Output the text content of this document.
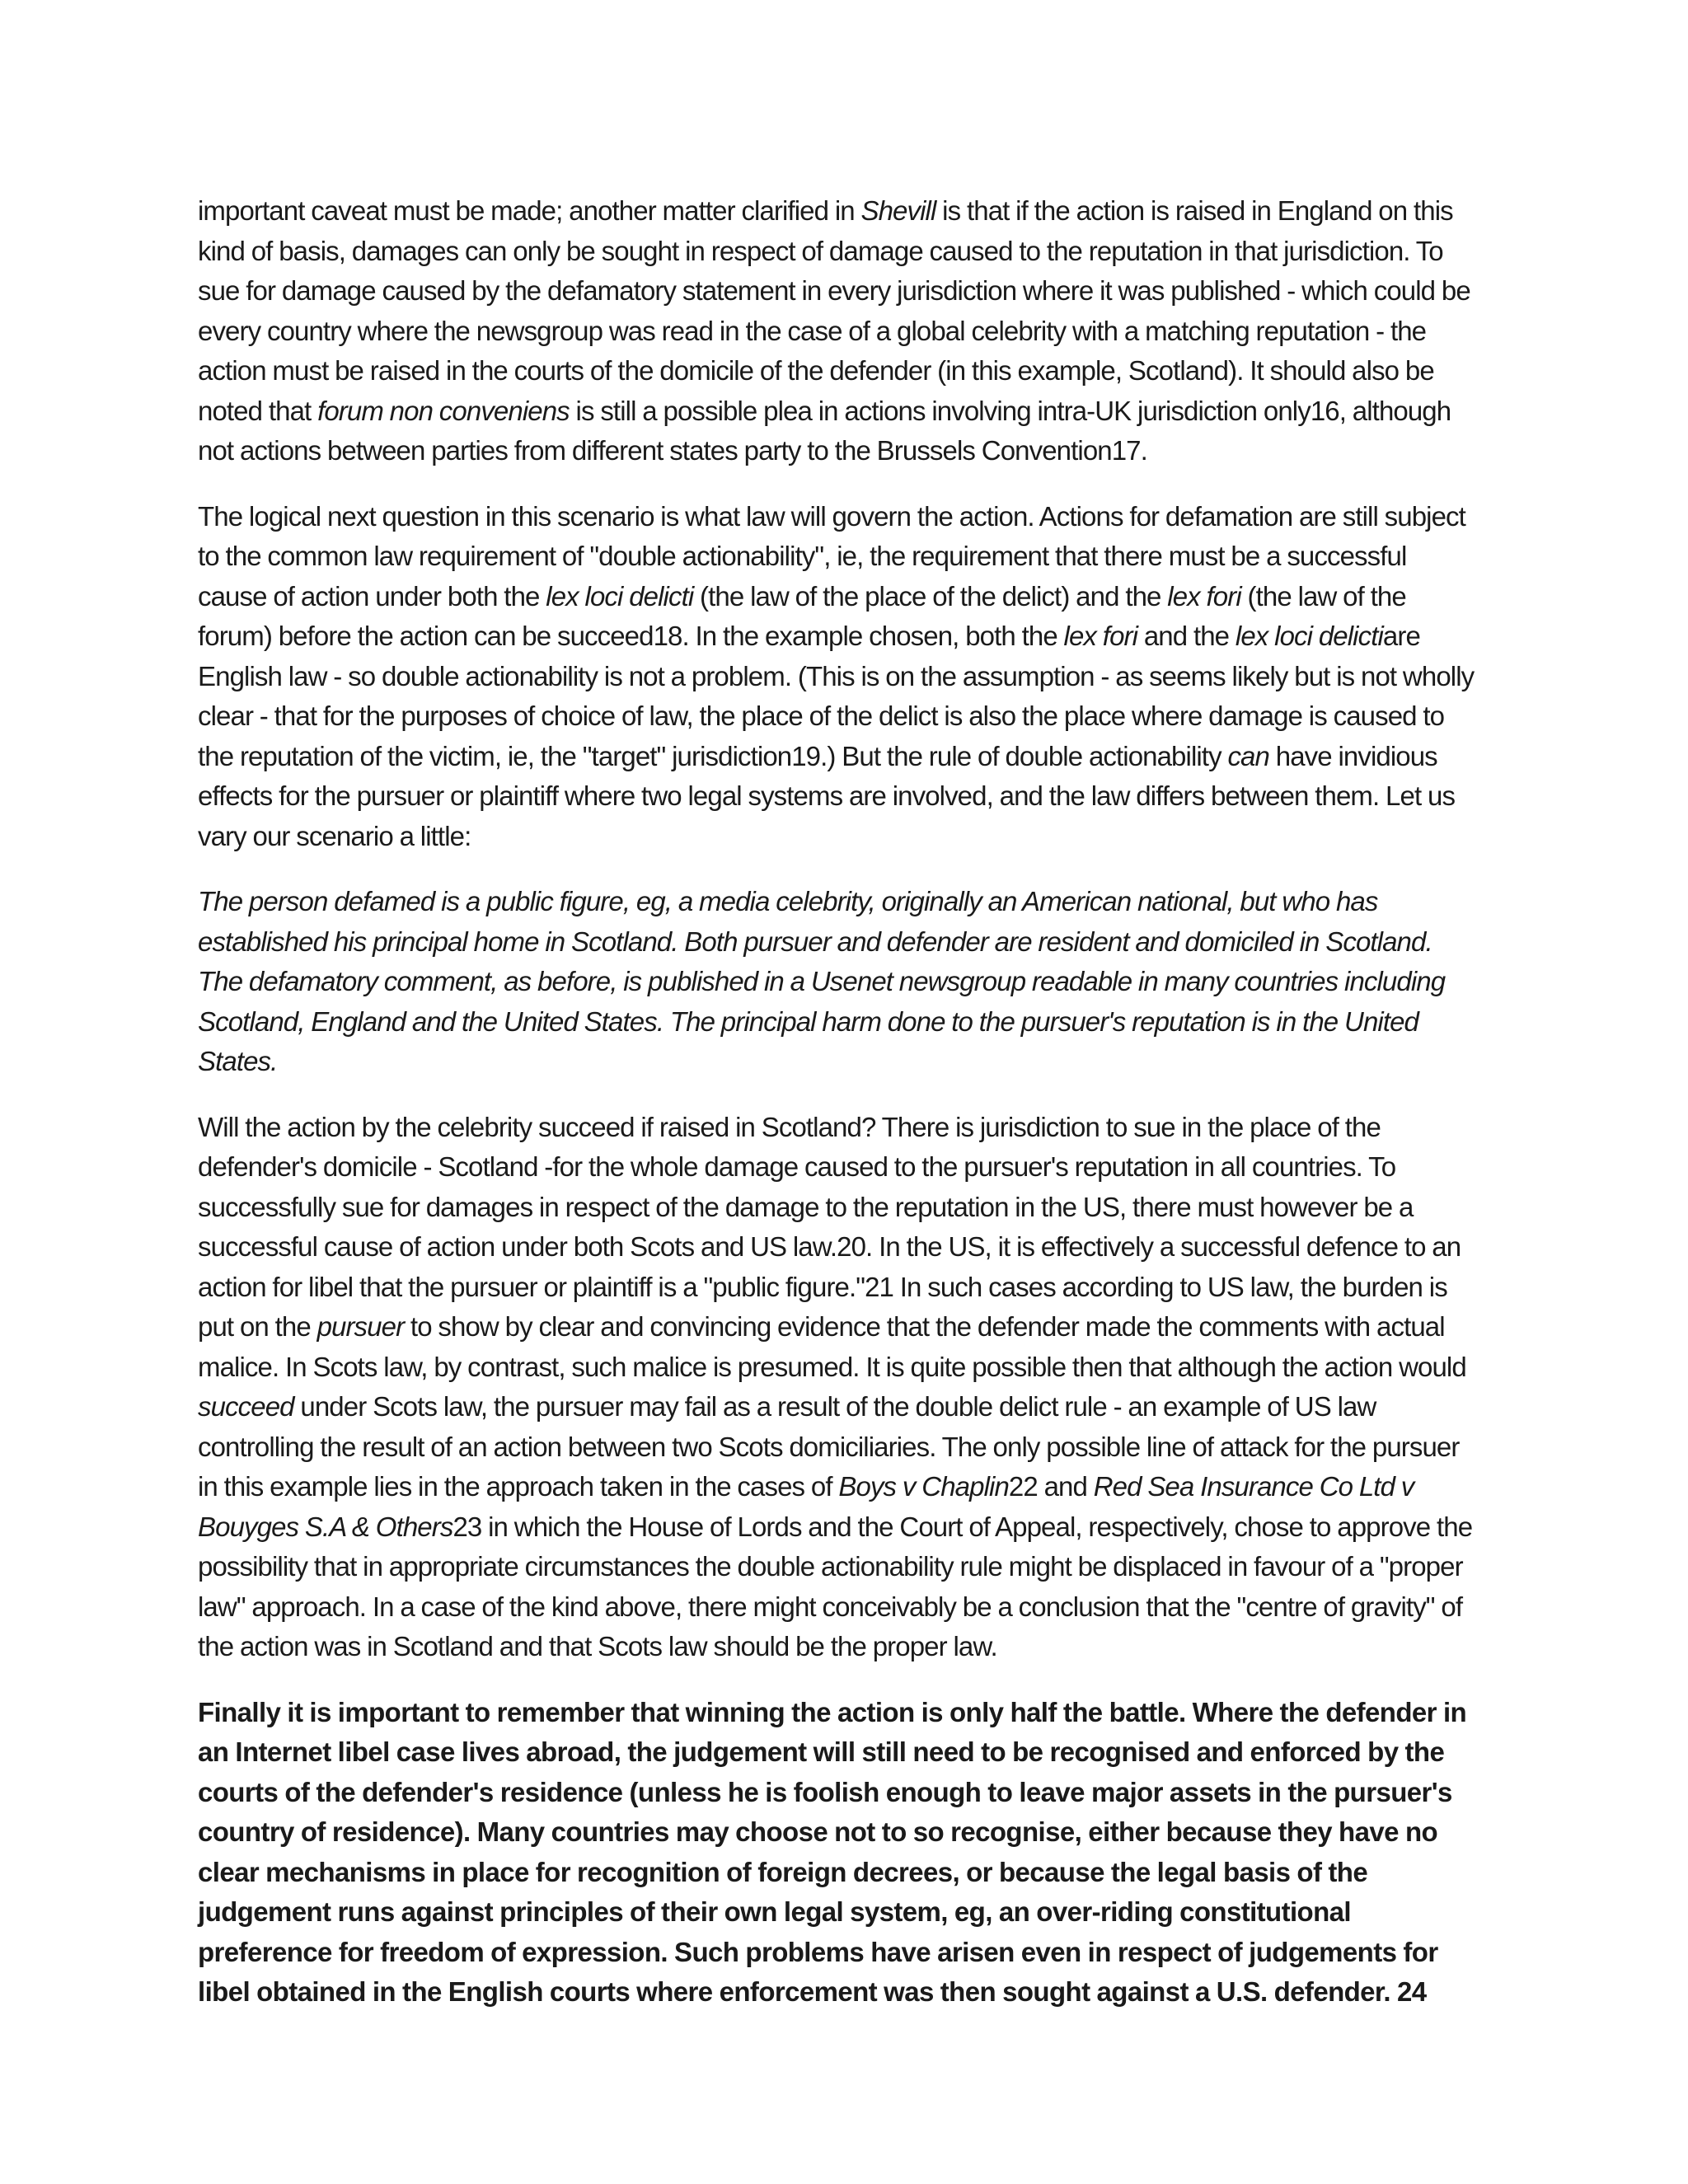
important caveat must be made; another matter clarified in Shevill is that if the action is raised in England on this kind of basis, damages can only be sought in respect of damage caused to the reputation in that jurisdiction. To sue for damage caused by the defamatory statement in every jurisdiction where it was published - which could be every country where the newsgroup was read in the case of a global celebrity with a matching reputation - the action must be raised in the courts of the domicile of the defender (in this example, Scotland). It should also be noted that forum non conveniens is still a possible plea in actions involving intra-UK jurisdiction only16, although not actions between parties from different states party to the Brussels Convention17.

The logical next question in this scenario is what law will govern the action. Actions for defamation are still subject to the common law requirement of "double actionability", ie, the requirement that there must be a successful cause of action under both the lex loci delicti (the law of the place of the delict) and the lex fori (the law of the forum) before the action can be succeed18. In the example chosen, both the lex fori and the lex loci delictiare English law - so double actionability is not a problem. (This is on the assumption - as seems likely but is not wholly clear - that for the purposes of choice of law, the place of the delict is also the place where damage is caused to the reputation of the victim, ie, the "target" jurisdiction19.) But the rule of double actionability can have invidious effects for the pursuer or plaintiff where two legal systems are involved, and the law differs between them. Let us vary our scenario a little:

The person defamed is a public figure, eg, a media celebrity, originally an American national, but who has established his principal home in Scotland. Both pursuer and defender are resident and domiciled in Scotland. The defamatory comment, as before, is published in a Usenet newsgroup readable in many countries including Scotland, England and the United States. The principal harm done to the pursuer's reputation is in the United States.

Will the action by the celebrity succeed if raised in Scotland? There is jurisdiction to sue in the place of the defender's domicile - Scotland -for the whole damage caused to the pursuer's reputation in all countries. To successfully sue for damages in respect of the damage to the reputation in the US, there must however be a successful cause of action under both Scots and US law.20. In the US, it is effectively a successful defence to an action for libel that the pursuer or plaintiff is a "public figure."21 In such cases according to US law, the burden is put on the pursuer to show by clear and convincing evidence that the defender made the comments with actual malice. In Scots law, by contrast, such malice is presumed. It is quite possible then that although the action would succeed under Scots law, the pursuer may fail as a result of the double delict rule - an example of US law controlling the result of an action between two Scots domiciliaries. The only possible line of attack for the pursuer in this example lies in the approach taken in the cases of Boys v Chaplin22 and Red Sea Insurance Co Ltd v Bouyges S.A & Others23 in which the House of Lords and the Court of Appeal, respectively, chose to approve the possibility that in appropriate circumstances the double actionability rule might be displaced in favour of a "proper law" approach. In a case of the kind above, there might conceivably be a conclusion that the "centre of gravity" of the action was in Scotland and that Scots law should be the proper law.

Finally it is important to remember that winning the action is only half the battle. Where the defender in an Internet libel case lives abroad, the judgement will still need to be recognised and enforced by the courts of the defender's residence (unless he is foolish enough to leave major assets in the pursuer's country of residence). Many countries may choose not to so recognise, either because they have no clear mechanisms in place for recognition of foreign decrees, or because the legal basis of the judgement runs against principles of their own legal system, eg, an over-riding constitutional preference for freedom of expression. Such problems have arisen even in respect of judgements for libel obtained in the English courts where enforcement was then sought against a U.S. defender. 24
